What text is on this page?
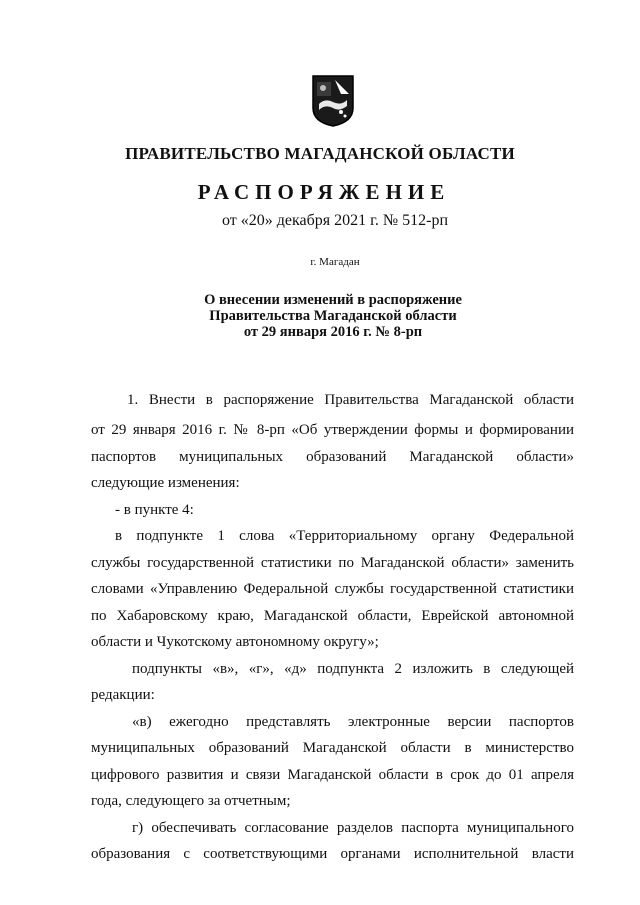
ПРАВИТЕЛЬСТВО МАГАДАНСКОЙ ОБЛАСТИ
РАСПОРЯЖЕНИЕ
от «20» декабря 2021 г. № 512-рп
г. Магадан
О внесении изменений в распоряжение
Правительства Магаданской области
от 29 января 2016 г. № 8-рп
1. Внести в распоряжение Правительства Магаданской области
от 29 января 2016 г. № 8-рп «Об утверждении формы и формировании
паспортов муниципальных образований Магаданской области»
следующие изменения:
- в пункте 4:
в подпункте 1 слова «Территориальному органу Федеральной
службы государственной статистики по Магаданской области» заменить
словами «Управлению Федеральной службы государственной статистики
по Хабаровскому краю, Магаданской области, Еврейской автономной
области и Чукотскому автономному округу»;
подпункты «в», «г», «д» подпункта 2 изложить в следующей
редакции:
«в) ежегодно представлять электронные версии паспортов
муниципальных образований Магаданской области в министерство
цифрового развития и связи Магаданской области в срок до 01 апреля
года, следующего за отчетным;
г) обеспечивать согласование разделов паспорта муниципального
образования с соответствующими органами исполнительной власти
